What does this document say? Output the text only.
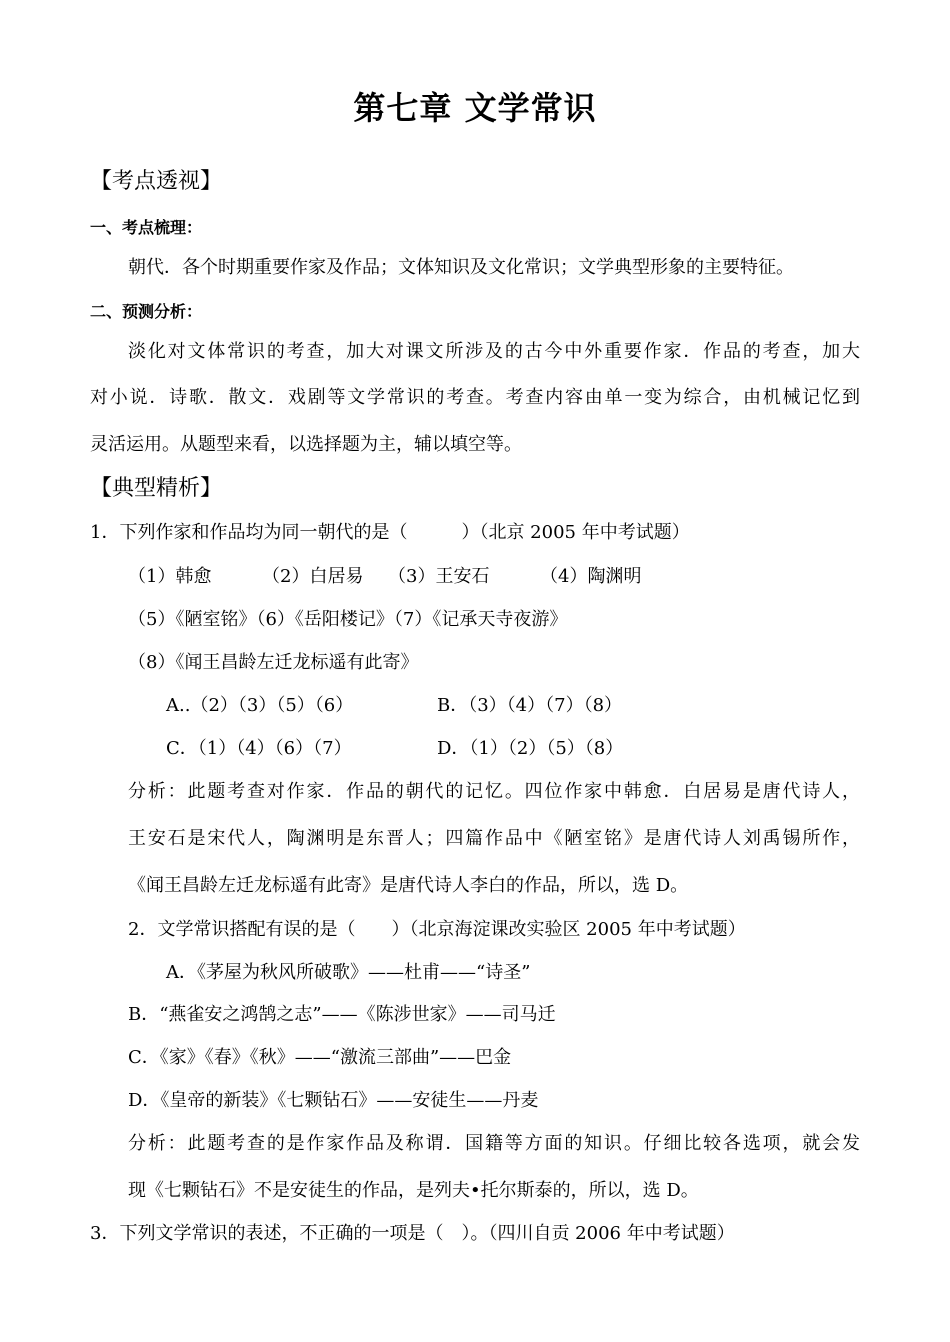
第七章 文学常识
【考点透视】
一、考点梳理：
朝代．各个时期重要作家及作品；文体知识及文化常识；文学典型形象的主要特征。
二、预测分析：
淡化对文体常识的考查，加大对课文所涉及的古今中外重要作家．作品的考查，加大
对小说．诗歌．散文．戏剧等文学常识的考查。考查内容由单一变为综合，由机械记忆到
灵活运用。从题型来看，以选择题为主，辅以填空等。
【典型精析】
1．下列作家和作品均为同一朝代的是（　　　）（北京 2005 年中考试题）
（1）韩愈	（2）白居易 （3）王安石	（4）陶渊明
（5）《陋室铭》（6）《岳阳楼记》（7）《记承天寺夜游》
（8）《闻王昌龄左迁龙标遥有此寄》
A..（2）（3）（5）（6）	B．（3）（4）（7）（8）
C．（1）（4）（6）（7）	D．（1）（2）（5）（8）
分析：此题考查对作家．作品的朝代的记忆。四位作家中韩愈．白居易是唐代诗人，
王安石是宋代人，陶渊明是东晋人；四篇作品中《陋室铭》是唐代诗人刘禹锡所作，
《闻王昌龄左迁龙标遥有此寄》是唐代诗人李白的作品，所以，选 D。
2．文学常识搭配有误的是（　　）（北京海淀课改实验区 2005 年中考试题）
A．《茅屋为秋风所破歌》——杜甫——“诗圣”
B．“燕雀安之鸿鹄之志”——《陈涉世家》——司马迁
C．《家》《春》《秋》——“激流三部曲”——巴金
D．《皇帝的新装》《七颗钻石》——安徒生——丹麦
分析：此题考查的是作家作品及称谓．国籍等方面的知识。仔细比较各选项，就会发
现《七颗钻石》不是安徒生的作品，是列夫•托尔斯泰的，所以，选 D。
3．下列文学常识的表述，不正确的一项是（　）。（四川自贡 2006 年中考试题）
